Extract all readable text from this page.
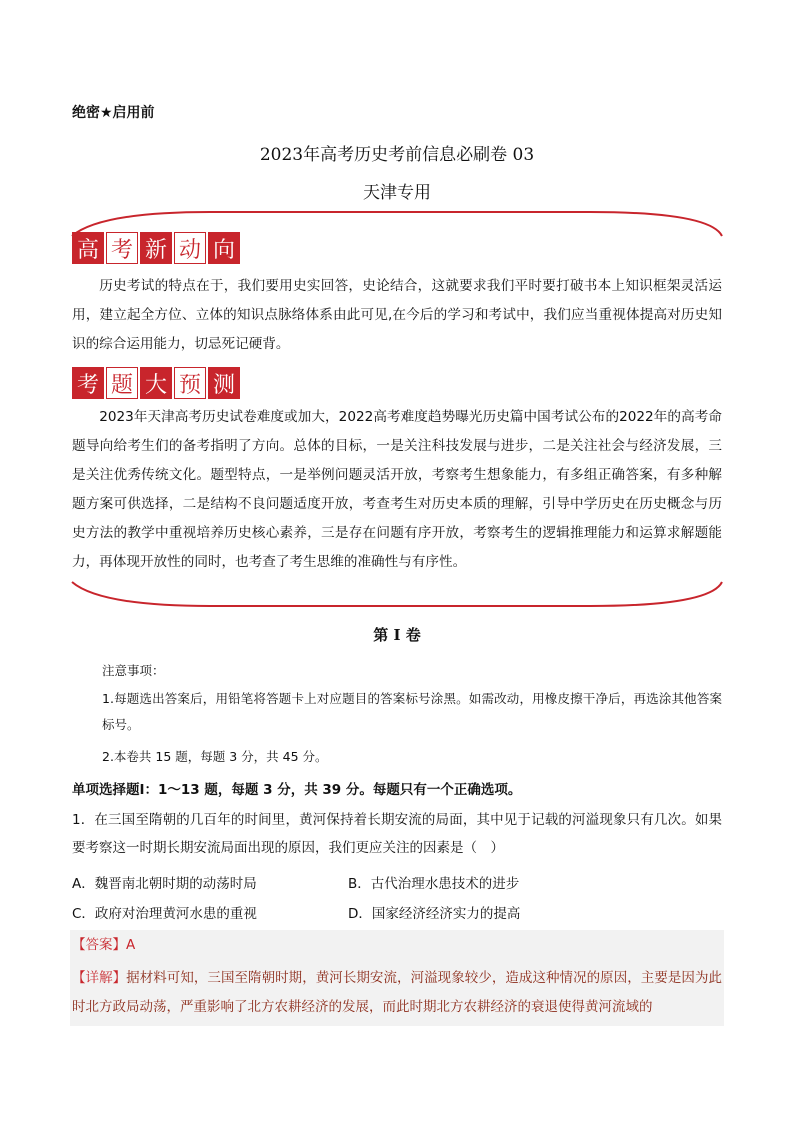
绝密★启用前
2023年高考历史考前信息必刷卷 03
天津专用
高 考 新 动 向
历史考试的特点在于，我们要用史实回答，史论结合，这就要求我们平时要打破书本上知识框架灵活运用，建立起全方位、立体的知识点脉络体系由此可见,在今后的学习和考试中，我们应当重视体提高对历史知识的综合运用能力，切忌死记硬背。
考 题 大 预 测
2023年天津高考历史试卷难度或加大，2022高考难度趋势曝光历史篇中国考试公布的2022年的高考命题导向给考生们的备考指明了方向。总体的目标，一是关注科技发展与进步，二是关注社会与经济发展，三是关注优秀传统文化。题型特点，一是举例问题灵活开放，考察考生想象能力，有多组正确答案，有多种解题方案可供选择，二是结构不良问题适度开放，考查考生对历史本质的理解，引导中学历史在历史概念与历史方法的教学中重视培养历史核心素养，三是存在问题有序开放，考察考生的逻辑推理能力和运算求解题能力，再体现开放性的同时，也考查了考生思维的准确性与有序性。
第 I 卷
注意事项：
1.每题选出答案后，用铅笔将答题卡上对应题目的答案标号涂黑。如需改动，用橡皮擦干净后，再选涂其他答案标号。
2.本卷共 15 题，每题 3 分，共 45 分。
单项选择题Ⅰ：1～13 题，每题 3 分，共 39 分。每题只有一个正确选项。
1．在三国至隋朝的几百年的时间里，黄河保持着长期安流的局面，其中见于记载的河溢现象只有几次。如果要考察这一时期长期安流局面出现的原因，我们更应关注的因素是（　）
A．魏晋南北朝时期的动荡时局	B．古代治理水患技术的进步
C．政府对治理黄河水患的重视	D．国家经济经济实力的提高
【答案】A
【详解】据材料可知，三国至隋朝时期，黄河长期安流，河溢现象较少，造成这种情况的原因，主要是因为此时北方政局动荡，严重影响了北方农耕经济的发展，而此时期北方农耕经济的衰退使得黄河流域的
